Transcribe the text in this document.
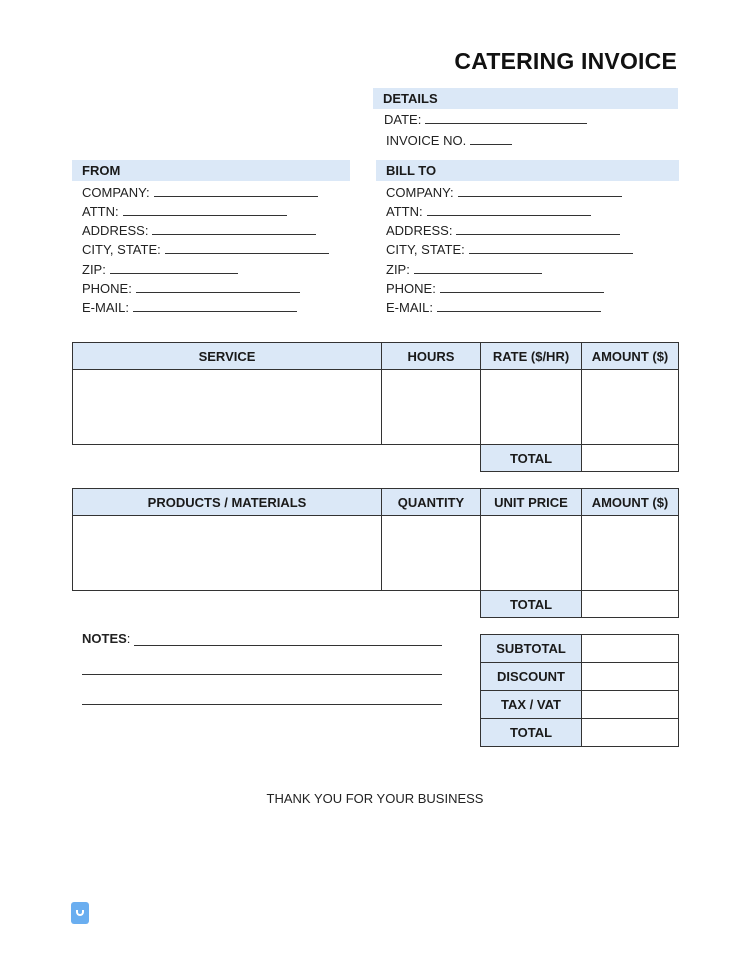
CATERING INVOICE
DETAILS
DATE:
INVOICE NO.
FROM
COMPANY:
ATTN:
ADDRESS:
CITY, STATE:
ZIP:
PHONE:
E-MAIL:
BILL TO
COMPANY:
ATTN:
ADDRESS:
CITY, STATE:
ZIP:
PHONE:
E-MAIL:
SERVICE	HOURS	RATE ($/HR)	AMOUNT ($)

		TOTAL	
PRODUCTS / MATERIALS	QUANTITY	UNIT PRICE	AMOUNT ($)

		TOTAL	
NOTES:
SUBTOTAL	
DISCOUNT	
TAX / VAT	
TOTAL	
THANK YOU FOR YOUR BUSINESS
